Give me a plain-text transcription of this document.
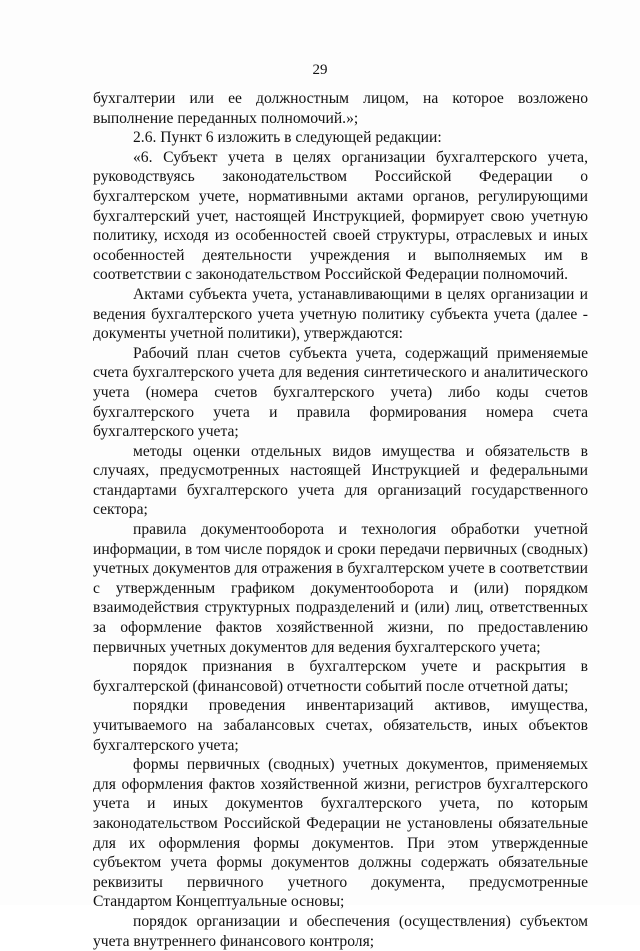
29

бухгалтерии или ее должностным лицом, на которое возложено выполнение переданных полномочий.»;

2.6. Пункт 6 изложить в следующей редакции:

«6. Субъект учета в целях организации бухгалтерского учета, руководствуясь законодательством Российской Федерации о бухгалтерском учете, нормативными актами органов, регулирующими бухгалтерский учет, настоящей Инструкцией, формирует свою учетную политику, исходя из особенностей своей структуры, отраслевых и иных особенностей деятельности учреждения и выполняемых им в соответствии с законодательством Российской Федерации полномочий.

Актами субъекта учета, устанавливающими в целях организации и ведения бухгалтерского учета учетную политику субъекта учета (далее - документы учетной политики), утверждаются:

Рабочий план счетов субъекта учета, содержащий применяемые счета бухгалтерского учета для ведения синтетического и аналитического учета (номера счетов бухгалтерского учета) либо коды счетов бухгалтерского учета и правила формирования номера счета бухгалтерского учета;

методы оценки отдельных видов имущества и обязательств в случаях, предусмотренных настоящей Инструкцией и федеральными стандартами бухгалтерского учета для организаций государственного сектора;

правила документооборота и технология обработки учетной информации, в том числе порядок и сроки передачи первичных (сводных) учетных документов для отражения в бухгалтерском учете в соответствии с утвержденным графиком документооборота и (или) порядком взаимодействия структурных подразделений и (или) лиц, ответственных за оформление фактов хозяйственной жизни, по предоставлению первичных учетных документов для ведения бухгалтерского учета;

порядок признания в бухгалтерском учете и раскрытия в бухгалтерской (финансовой) отчетности событий после отчетной даты;

порядки проведения инвентаризаций активов, имущества, учитываемого на забалансовых счетах, обязательств, иных объектов бухгалтерского учета;

формы первичных (сводных) учетных документов, применяемых для оформления фактов хозяйственной жизни, регистров бухгалтерского учета и иных документов бухгалтерского учета, по которым законодательством Российской Федерации не установлены обязательные для их оформления формы документов. При этом утвержденные субъектом учета формы документов должны содержать обязательные реквизиты первичного учетного документа, предусмотренные Стандартом Концептуальные основы;

порядок организации и обеспечения (осуществления) субъектом учета внутреннего финансового контроля;
